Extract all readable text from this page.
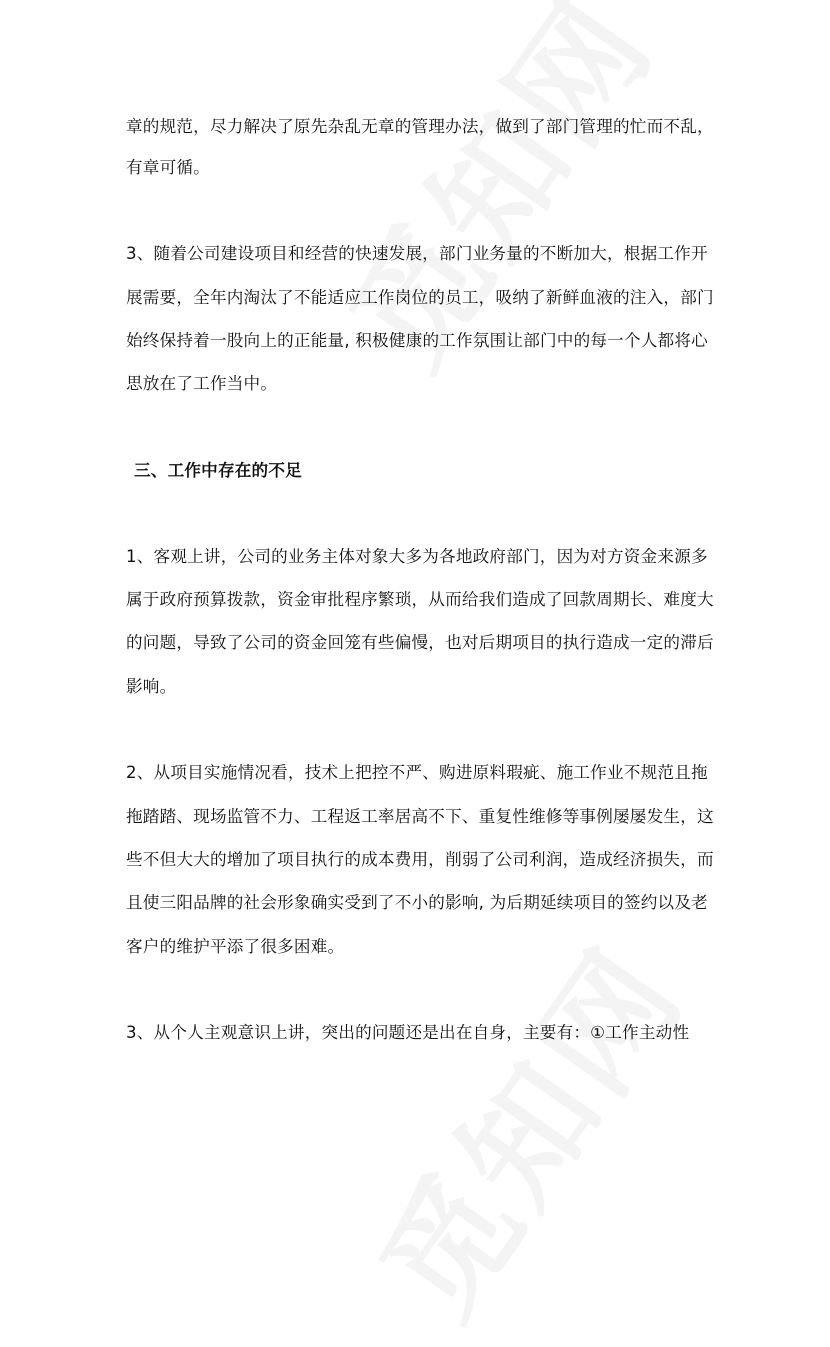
章的规范，尽力解决了原先杂乱无章的管理办法，做到了部门管理的忙而不乱，
有章可循。
3、随着公司建设项目和经营的快速发展，部门业务量的不断加大，根据工作开
展需要，全年内淘汰了不能适应工作岗位的员工，吸纳了新鲜血液的注入，部门
始终保持着一股向上的正能量, 积极健康的工作氛围让部门中的每一个人都将心
思放在了工作当中。
三、工作中存在的不足
1、客观上讲，公司的业务主体对象大多为各地政府部门，因为对方资金来源多
属于政府预算拨款，资金审批程序繁琐，从而给我们造成了回款周期长、难度大
的问题，导致了公司的资金回笼有些偏慢，也对后期项目的执行造成一定的滞后
影响。
2、从项目实施情况看，技术上把控不严、购进原料瑕疵、施工作业不规范且拖
拖踏踏、现场监管不力、工程返工率居高不下、重复性维修等事例屡屡发生，这
些不但大大的增加了项目执行的成本费用，削弱了公司利润，造成经济损失，而
且使三阳品牌的社会形象确实受到了不小的影响, 为后期延续项目的签约以及老
客户的维护平添了很多困难。
3、从个人主观意识上讲，突出的问题还是出在自身，主要有：①工作主动性
